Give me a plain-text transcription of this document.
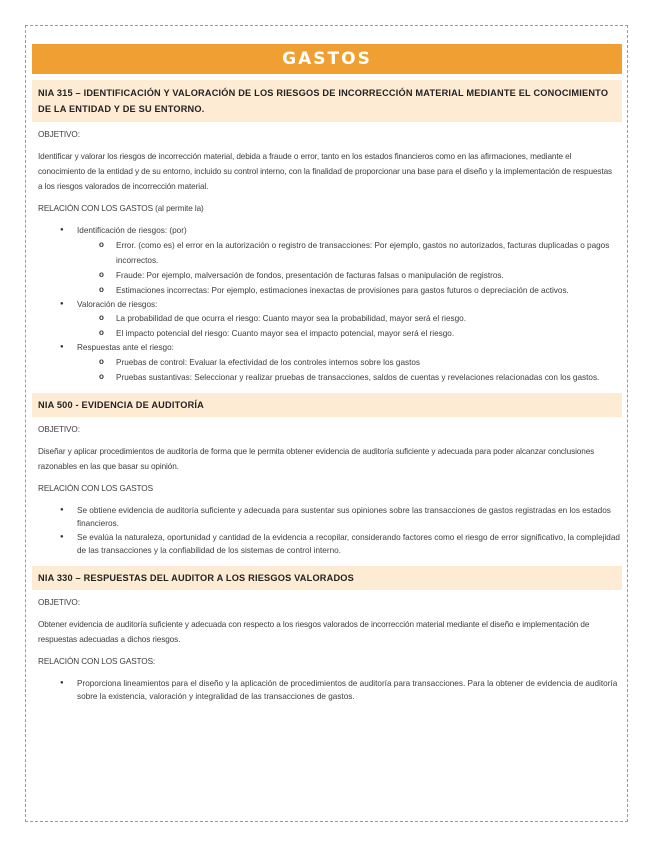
GASTOS
NIA 315 – IDENTIFICACIÓN Y VALORACIÓN DE LOS RIESGOS DE INCORRECCIÓN MATERIAL MEDIANTE EL CONOCIMIENTO DE LA ENTIDAD Y DE SU ENTORNO.
OBJETIVO:
Identificar y valorar los riesgos de incorrección material, debida a fraude o error, tanto en los estados financieros como en las afirmaciones, mediante el conocimiento de la entidad y de su entorno, incluido su control interno, con la finalidad de proporcionar una base para el diseño y la implementación de respuestas a los riesgos valorados de incorrección material.
RELACIÓN CON LOS GASTOS (al permite la)
● Identificación de riesgos: (por)
o Error. (como es) el error en la autorización o registro de transacciones: Por ejemplo, gastos no autorizados, facturas duplicadas o pagos incorrectos.
o Fraude: Por ejemplo, malversación de fondos, presentación de facturas falsas o manipulación de registros.
o Estimaciones incorrectas: Por ejemplo, estimaciones inexactas de provisiones para gastos futuros o depreciación de activos.
● Valoración de riesgos:
o La probabilidad de que ocurra el riesgo: Cuanto mayor sea la probabilidad, mayor será el riesgo.
o El impacto potencial del riesgo: Cuanto mayor sea el impacto potencial, mayor será el riesgo.
● Respuestas ante el riesgo:
o Pruebas de control: Evaluar la efectividad de los controles internos sobre los gastos
o Pruebas sustantivas: Seleccionar y realizar pruebas de transacciones, saldos de cuentas y revelaciones relacionadas con los gastos.
NIA 500 - EVIDENCIA DE AUDITORÍA
OBJETIVO:
Diseñar y aplicar procedimientos de auditoría de forma que le permita obtener evidencia de auditoría suficiente y adecuada para poder alcanzar conclusiones razonables en las que basar su opinión.
RELACIÓN CON LOS GASTOS
● Se obtiene evidencia de auditoría suficiente y adecuada para sustentar sus opiniones sobre las transacciones de gastos registradas en los estados financieros.
● Se evalúa la naturaleza, oportunidad y cantidad de la evidencia a recopilar, considerando factores como el riesgo de error significativo, la complejidad de las transacciones y la confiabilidad de los sistemas de control interno.
NIA 330 – RESPUESTAS DEL AUDITOR A LOS RIESGOS VALORADOS
OBJETIVO:
Obtener evidencia de auditoría suficiente y adecuada con respecto a los riesgos valorados de incorrección material mediante el diseño e implementación de respuestas adecuadas a dichos riesgos.
RELACIÓN CON LOS GASTOS:
● Proporciona lineamientos para el diseño y la aplicación de procedimientos de auditoría para transacciones. Para la obtener de evidencia de auditoría sobre la existencia, valoración y integralidad de las transacciones de gastos.
